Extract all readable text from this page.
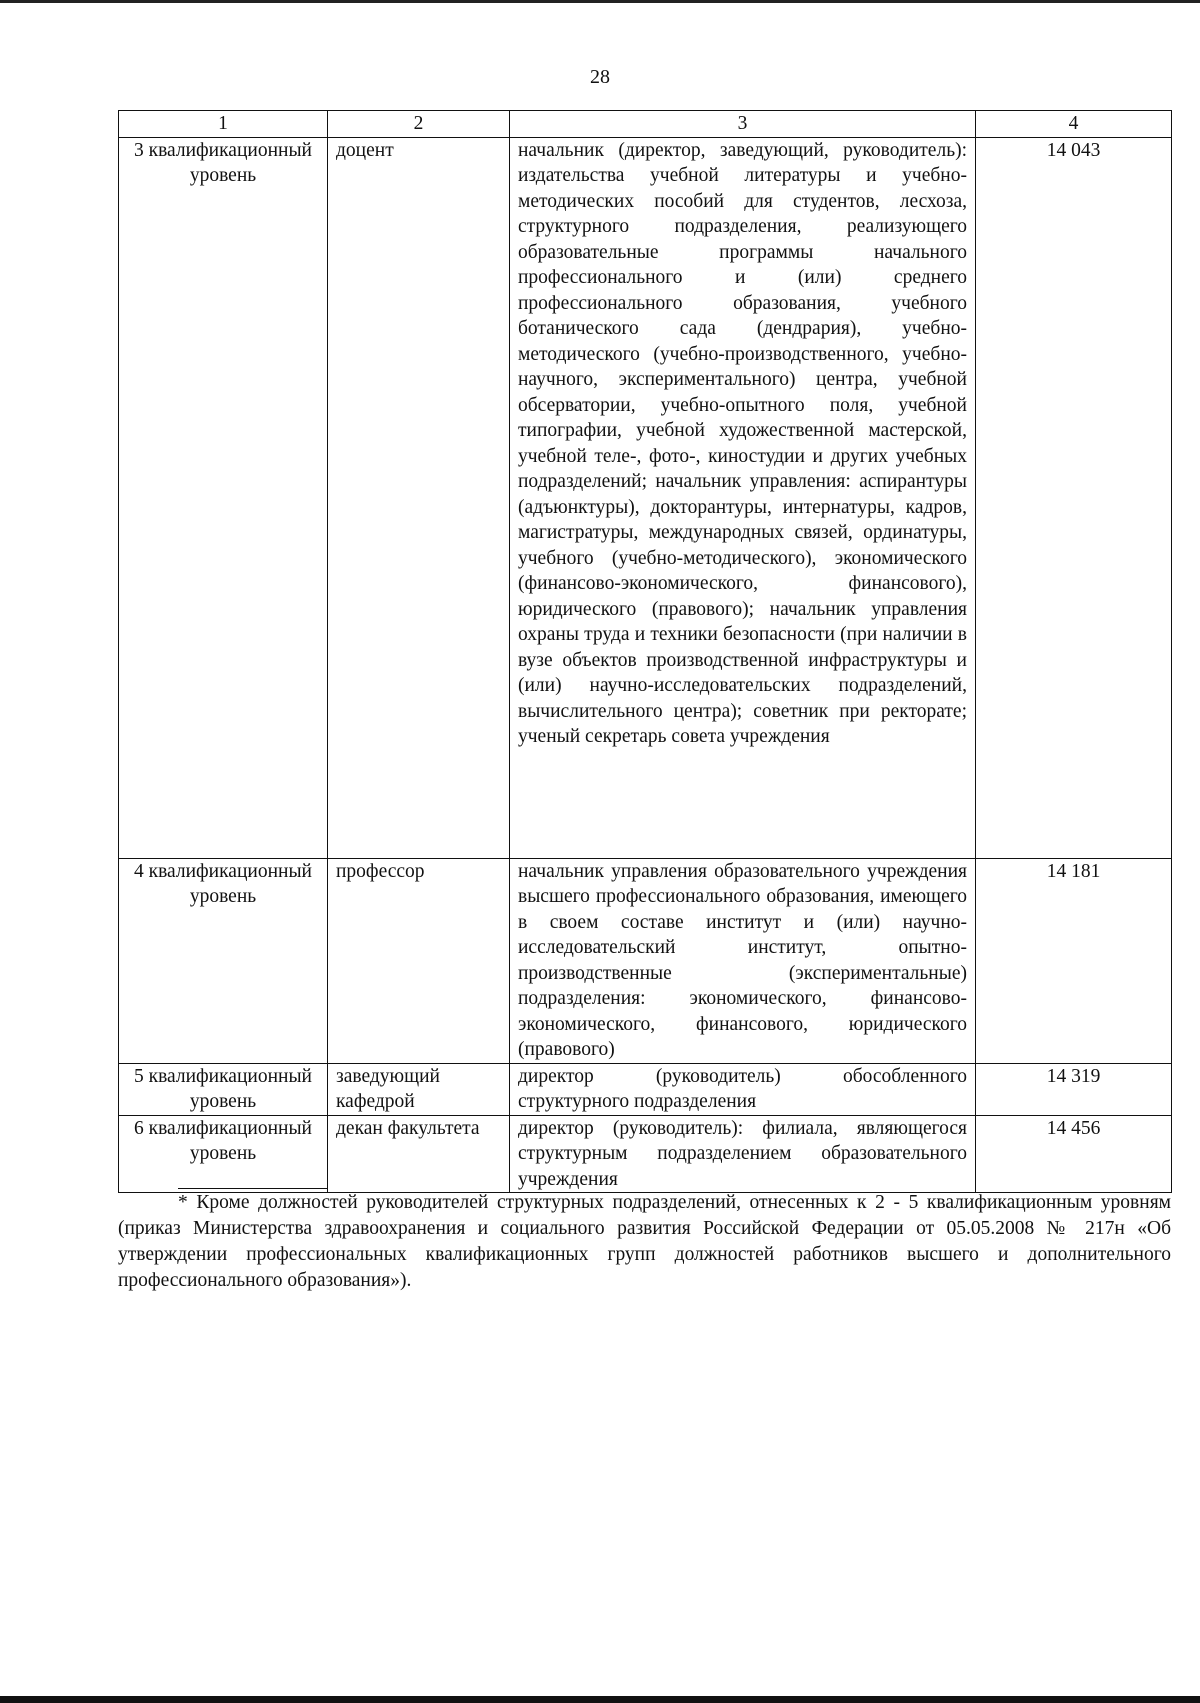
28
1	2	3	4
3 квалификационный уровень	доцент	начальник (директор, заведующий, руководитель): издательства учебной литературы и учебно-методических пособий для студентов, лесхоза, структурного подразделения, реализующего образовательные программы начального профессионального и (или) среднего профессионального образования, учебного ботанического сада (дендрария), учебно-методического (учебно-производственного, учебно-научного, экспериментального) центра, учебной обсерватории, учебно-опытного поля, учебной типографии, учебной художественной мастерской, учебной теле-, фото-, киностудии и других учебных подразделений; начальник управления: аспирантуры (адъюнктуры), докторантуры, интернатуры, кадров, магистратуры, международных связей, ординатуры, учебного (учебно-методического), экономического (финансово-экономического, финансового), юридического (правового); начальник управления охраны труда и техники безопасности (при наличии в вузе объектов производственной инфраструктуры и (или) научно-исследовательских подразделений, вычислительного центра); советник при ректорате; ученый секретарь совета учреждения	14 043
4 квалификационный уровень	профессор	начальник управления образовательного учреждения высшего профессионального образования, имеющего в своем составе институт и (или) научно-исследовательский институт, опытно-производственные (экспериментальные) подразделения: экономического, финансово-экономического, финансового, юридического (правового)	14 181
5 квалификационный уровень	заведующий кафедрой	директор (руководитель) обособленного структурного подразделения	14 319
6 квалификационный уровень	декан факультета	директор (руководитель): филиала, являющегося структурным подразделением образовательного учреждения	14 456
* Кроме должностей руководителей структурных подразделений, отнесенных к 2 - 5 квалификационным уровням (приказ Министерства здравоохранения и социального развития Российской Федерации от 05.05.2008 № 217н «Об утверждении профессиональных квалификационных групп должностей работников высшего и дополнительного профессионального образования»).
